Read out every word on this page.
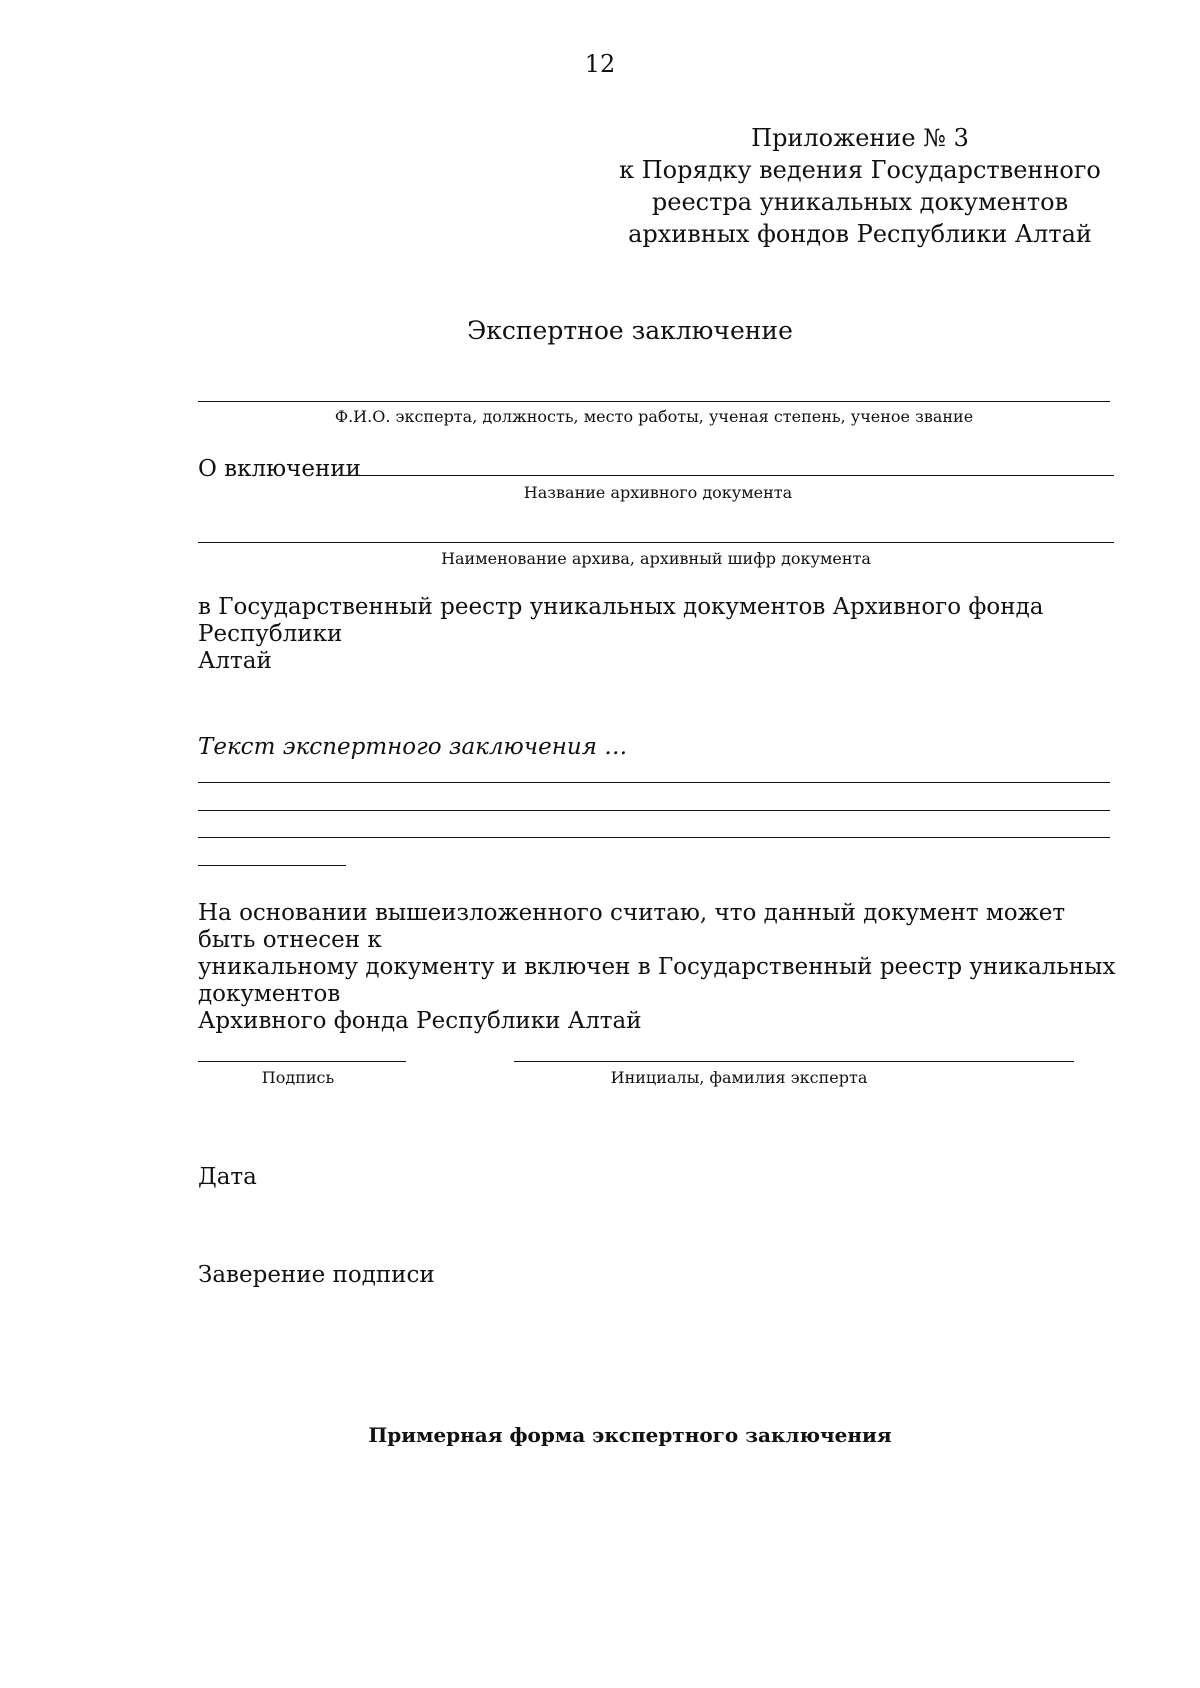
12
Приложение № 3
к Порядку ведения Государственного
реестра уникальных документов
архивных фондов Республики Алтай
Экспертное заключение
Ф.И.О. эксперта, должность, место работы, ученая степень, ученое звание
О включении
Название архивного документа
Наименование архива, архивный шифр документа
в Государственный реестр уникальных документов Архивного фонда Республики
Алтай
Текст экспертного заключения …
На основании вышеизложенного считаю, что данный документ может быть отнесен к
уникальному документу и включен в Государственный реестр уникальных документов
Архивного фонда Республики Алтай
Подпись	Инициалы, фамилия эксперта
Дата
Заверение подписи
Примерная форма экспертного заключения
